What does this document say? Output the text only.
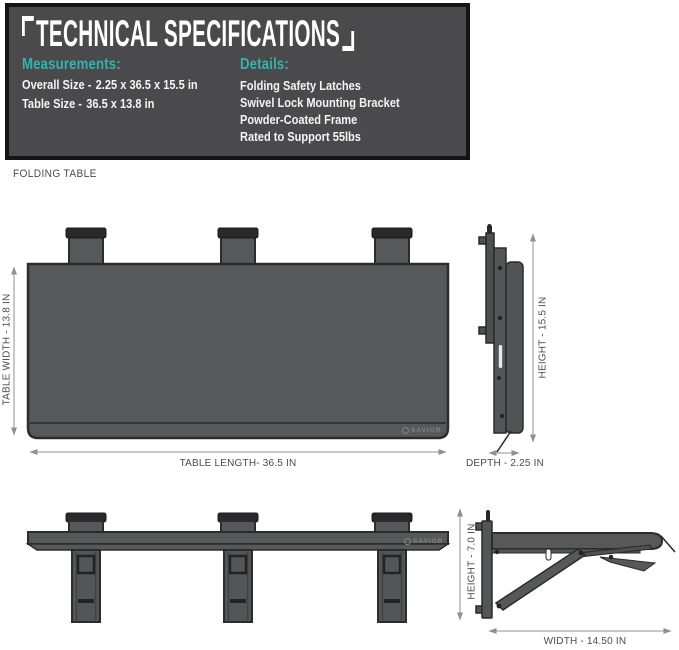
TECHNICAL SPECIFICATIONS
Measurements:
Overall Size - 2.25 x 36.5 x 15.5 in
Table Size - 36.5 x 13.8 in
Details:
Folding Safety Latches
Swivel Lock Mounting Bracket
Powder-Coated Frame
Rated to Support 55lbs
FOLDING TABLE
TABLE WIDTH - 13.8 IN
TABLE LENGTH- 36.5 IN
HEIGHT - 15.5 IN
DEPTH - 2.25 IN
HEIGHT - 7.0 IN
WIDTH - 14.50 IN
SAVIOR
SAVIOR
